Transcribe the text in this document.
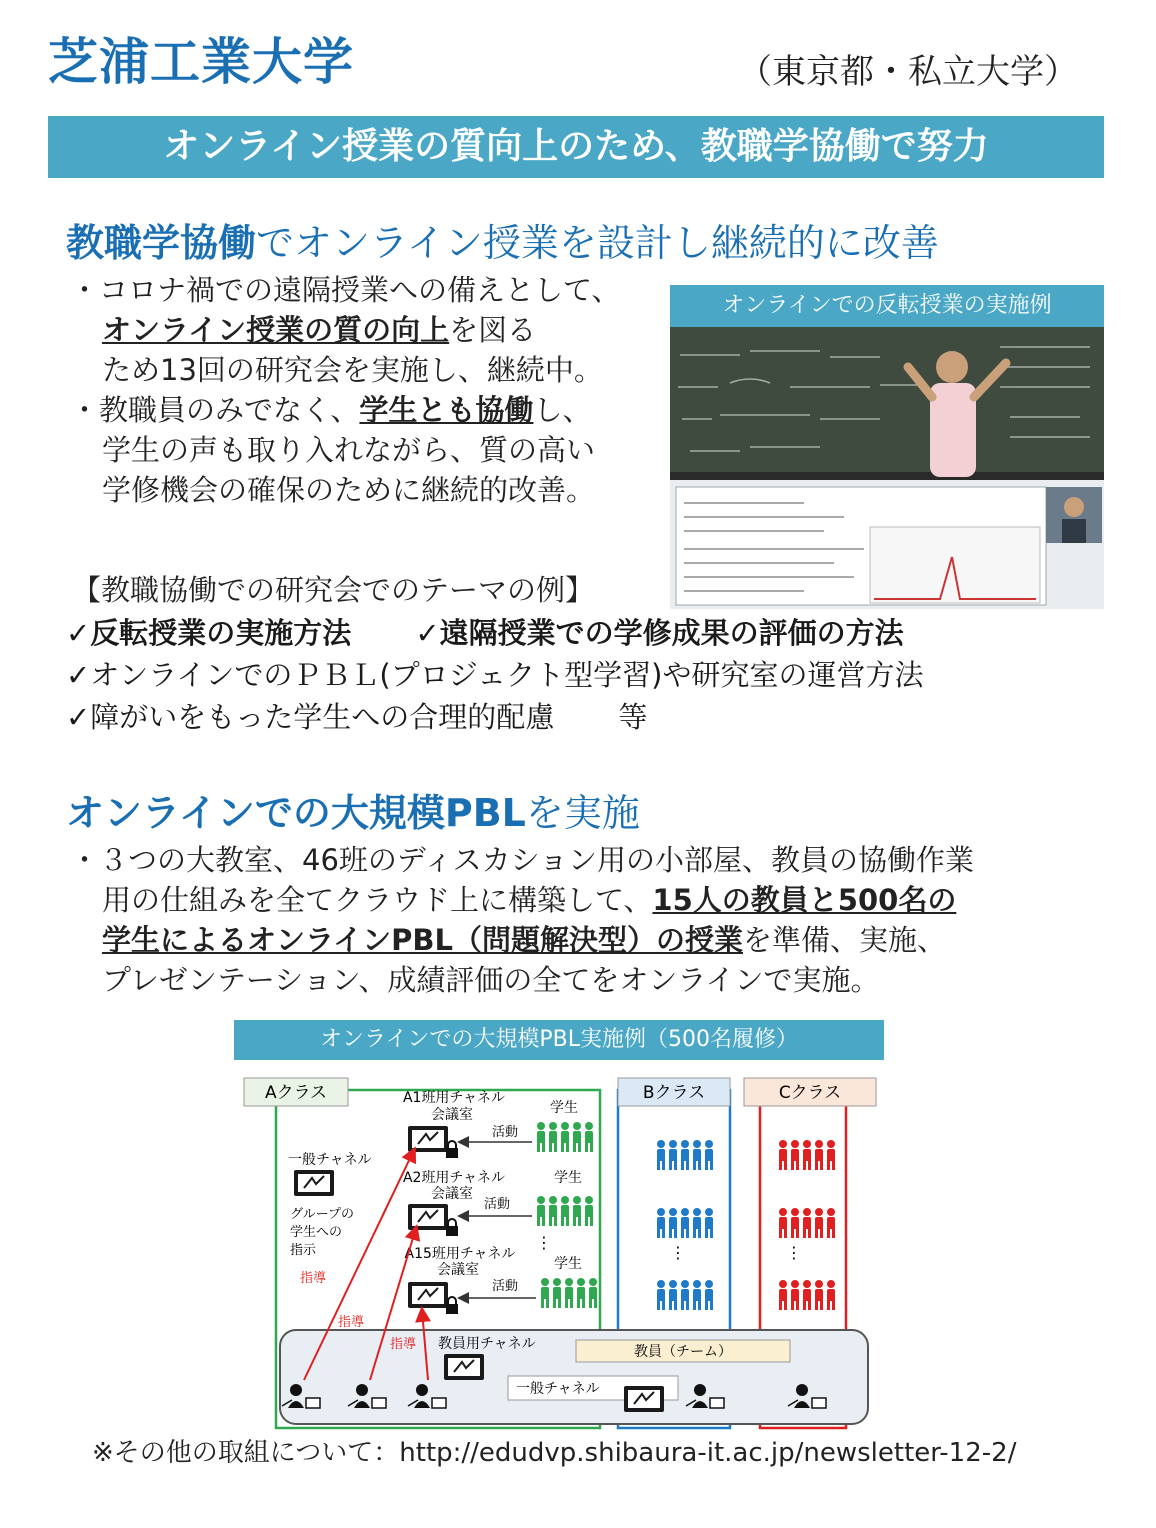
芝浦工業大学	（東京都・私立大学）
オンライン授業の質向上のため、教職学協働で努力
教職学協働でオンライン授業を設計し継続的に改善
・コロナ禍での遠隔授業への備えとして、
オンライン授業の質の向上を図る
ため13回の研究会を実施し、継続中。
・教職員のみでなく、学生とも協働し、
学生の声も取り入れながら、質の高い
学修機会の確保のために継続的改善。
オンラインでの反転授業の実施例
【教職協働での研究会でのテーマの例】
✓反転授業の実施方法 ✓遠隔授業での学修成果の評価の方法
✓オンラインでのＰＢＬ(プロジェクト型学習)や研究室の運営方法
✓障がいをもった学生への合理的配慮 等
オンラインでの大規模PBLを実施
・３つの大教室、46班のディスカション用の小部屋、教員の協働作業
用の仕組みを全てクラウド上に構築して、15人の教員と500名の
学生によるオンラインPBL（問題解決型）の授業を準備、実施、
プレゼンテーション、成績評価の全てをオンラインで実施。
オンラインでの大規模PBL実施例（500名履修）
Aクラス	Bクラス	Cクラス
A1班用チャネル
会議室
A2班用チャネル
会議室
A15班用チャネル
会議室
学生
活動
学生
活動
⋮
学生
活動
一般チャネル
グループの
学生への
指示	⋮	⋮
教員用チャネル	教員（チーム）
一般チャネル
指導
指導
指導
※その他の取組について：http://edudvp.shibaura-it.ac.jp/newsletter-12-2/
